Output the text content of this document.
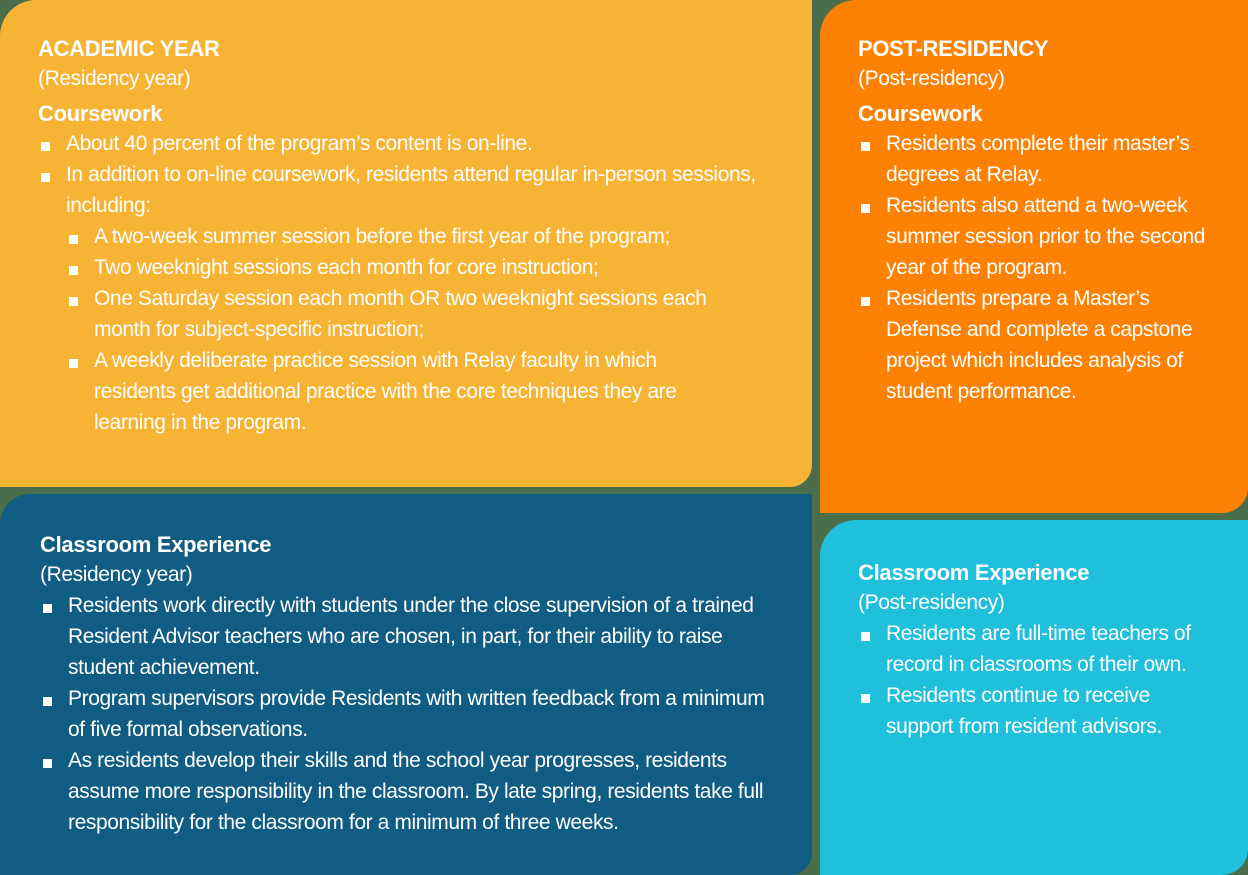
ACADEMIC YEAR
(Residency year)
Coursework
About 40 percent of the program’s content is on-line.
In addition to on-line coursework, residents attend regular in-person sessions, including:
A two-week summer session before the first year of the program;
Two weeknight sessions each month for core instruction;
One Saturday session each month OR two weeknight sessions each month for subject-specific instruction;
A weekly deliberate practice session with Relay faculty in which residents get additional practice with the core techniques they are learning in the program.
POST-RESIDENCY
(Post-residency)
Coursework
Residents complete their master’s degrees at Relay.
Residents also attend a two-week summer session prior to the second year of the program.
Residents prepare a Master’s Defense and complete a capstone project which includes analysis of student performance.
Classroom Experience
(Residency year)
Residents work directly with students under the close supervision of a trained Resident Advisor teachers who are chosen, in part, for their ability to raise student achievement.
Program supervisors provide Residents with written feedback from a minimum of five formal observations.
As residents develop their skills and the school year progresses, residents assume more responsibility in the classroom. By late spring, residents take full responsibility for the classroom for a minimum of three weeks.
Classroom Experience
(Post-residency)
Residents are full-time teachers of record in classrooms of their own.
Residents continue to receive support from resident advisors.
